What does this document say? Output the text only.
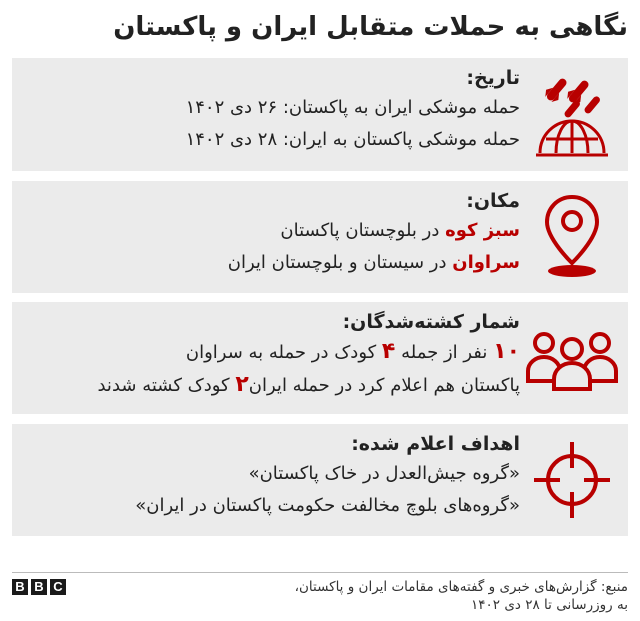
نگاهی به حملات متقابل ایران و پاکستان
تاریخ:
حمله موشکی ایران به پاکستان: ۲۶ دی ۱۴۰۲
حمله موشکی پاکستان به ایران: ۲۸ دی ۱۴۰۲
مکان:
سبز کوه در بلوچستان پاکستان
سراوان در سیستان و بلوچستان ایران
شمار کشته‌شدگان:
۱۰ نفر از جمله ۴ کودک در حمله به سراوان
پاکستان هم اعلام کرد در حمله ایران۲ کودک کشته شدند
اهداف اعلام شده:
«گروه جیش‌العدل در خاک پاکستان»
«گروه‌های بلوچ مخالفت حکومت پاکستان در ایران»
منبع: گزارش‌های خبری و گفته‌های مقامات ایران و پاکستان،
به روزرسانی تا ۲۸ دی ۱۴۰۲
B B C
